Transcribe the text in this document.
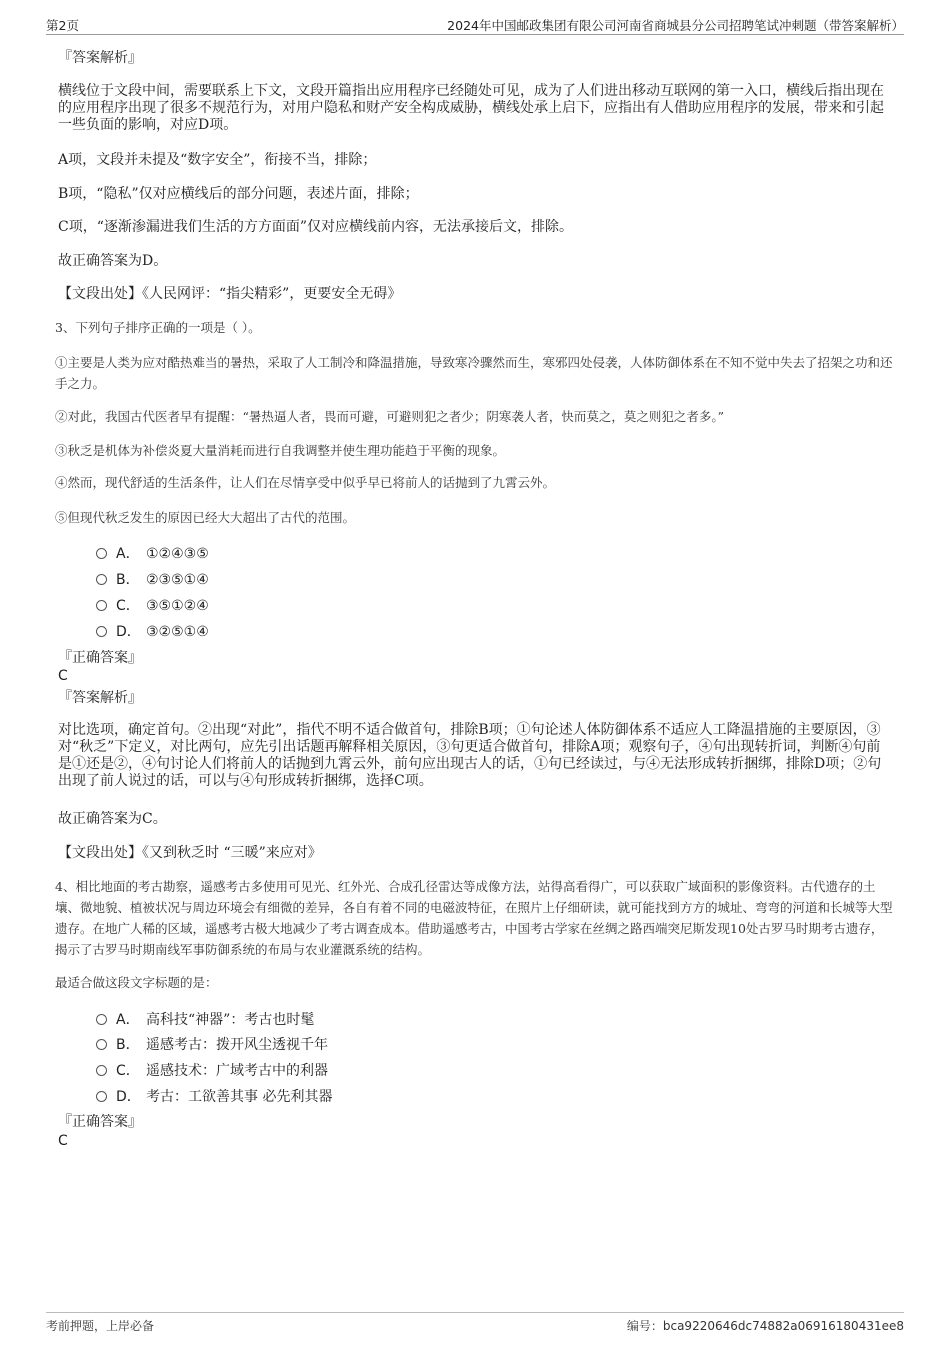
第2页	2024年中国邮政集团有限公司河南省商城县分公司招聘笔试冲刺题（带答案解析）
『答案解析』
横线位于文段中间，需要联系上下文，文段开篇指出应用程序已经随处可见，成为了人们进出移动互联网的第一入口，横线后指出现在的应用程序出现了很多不规范行为，对用户隐私和财产安全构成威胁，横线处承上启下，应指出有人借助应用程序的发展，带来和引起一些负面的影响，对应D项。
A项，文段并未提及“数字安全”，衔接不当，排除；
B项，“隐私”仅对应横线后的部分问题，表述片面，排除；
C项，“逐渐渗漏进我们生活的方方面面”仅对应横线前内容，无法承接后文，排除。
故正确答案为D。
【文段出处】《人民网评：“指尖精彩”，更要安全无碍》
3、下列句子排序正确的一项是（ ）。
①主要是人类为应对酷热难当的暑热，采取了人工制冷和降温措施，导致寒冷骤然而生，寒邪四处侵袭，人体防御体系在不知不觉中失去了招架之功和还手之力。
②对此，我国古代医者早有提醒：“暑热逼人者，畏而可避，可避则犯之者少；阴寒袭人者，快而莫之，莫之则犯之者多。”
③秋乏是机体为补偿炎夏大量消耗而进行自我调整并使生理功能趋于平衡的现象。
④然而，现代舒适的生活条件，让人们在尽情享受中似乎早已将前人的话抛到了九霄云外。
⑤但现代秋乏发生的原因已经大大超出了古代的范围。
A． ①②④③⑤
B． ②③⑤①④
C． ③⑤①②④
D． ③②⑤①④
『正确答案』
C
『答案解析』
对比选项，确定首句。②出现“对此”，指代不明不适合做首句，排除B项；①句论述人体防御体系不适应人工降温措施的主要原因，③对“秋乏”下定义，对比两句，应先引出话题再解释相关原因，③句更适合做首句，排除A项；观察句子，④句出现转折词，判断④句前是①还是②，④句讨论人们将前人的话抛到九霄云外，前句应出现古人的话，①句已经读过，与④无法形成转折捆绑，排除D项；②句出现了前人说过的话，可以与④句形成转折捆绑，选择C项。
故正确答案为C。
【文段出处】《又到秋乏时 “三暖”来应对》
4、相比地面的考古勘察，遥感考古多使用可见光、红外光、合成孔径雷达等成像方法，站得高看得广，可以获取广域面积的影像资料。古代遗存的土壤、微地貌、植被状况与周边环境会有细微的差异，各自有着不同的电磁波特征，在照片上仔细研读，就可能找到方方的城址、弯弯的河道和长城等大型遗存。在地广人稀的区域，遥感考古极大地减少了考古调查成本。借助遥感考古，中国考古学家在丝绸之路西端突尼斯发现10处古罗马时期考古遗存，揭示了古罗马时期南线军事防御系统的布局与农业灌溉系统的结构。
最适合做这段文字标题的是：
A． 高科技“神器”：考古也时髦
B． 遥感考古：拨开风尘透视千年
C． 遥感技术：广域考古中的利器
D． 考古：工欲善其事 必先利其器
『正确答案』
C
考前押题，上岸必备	编号：bca9220646dc74882a06916180431ee8
